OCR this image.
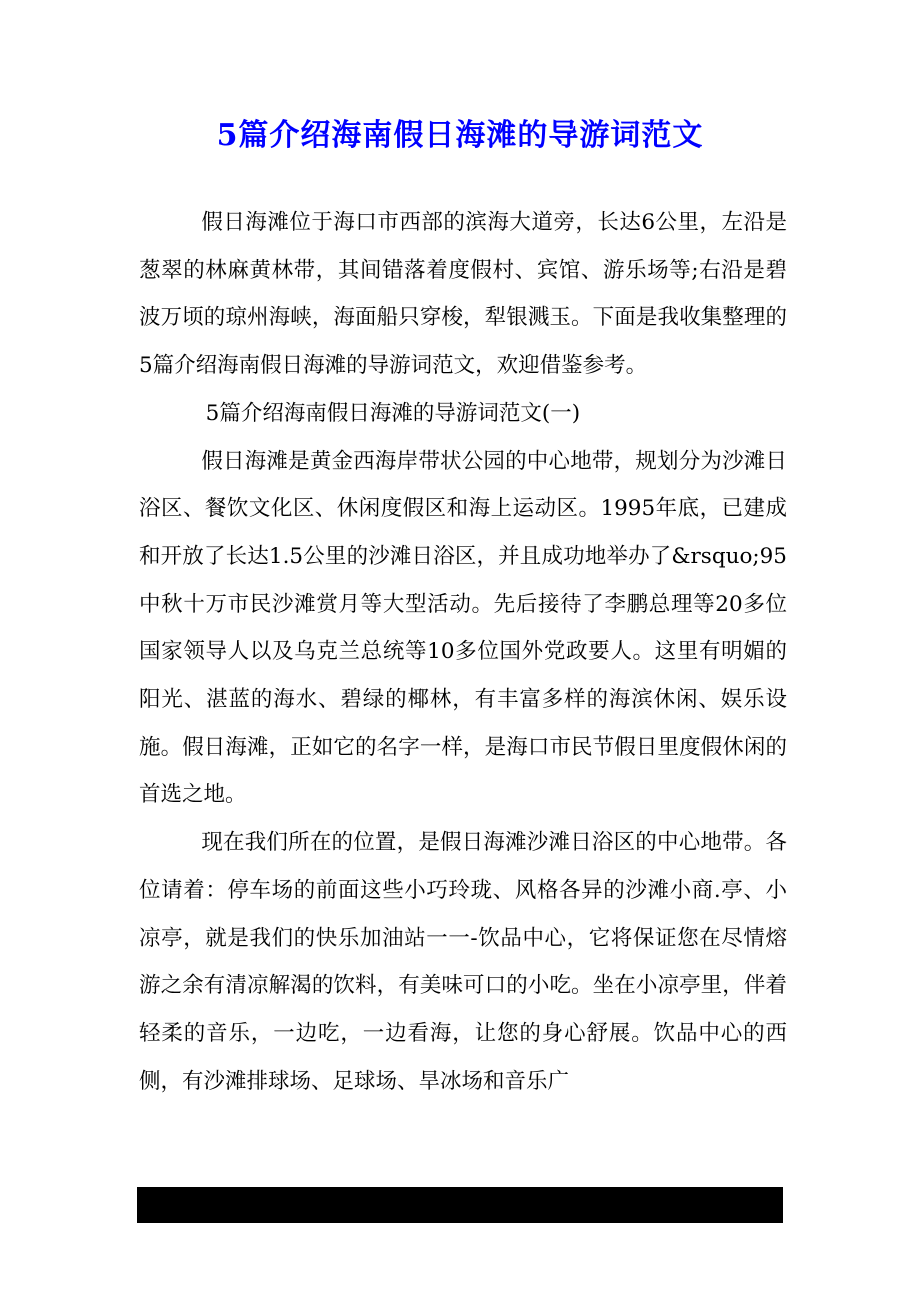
5篇介绍海南假日海滩的导游词范文

假日海滩位于海口市西部的滨海大道旁，长达6公里，左沿是葱翠的林麻黄林带，其间错落着度假村、宾馆、游乐场等;右沿是碧波万顷的琼州海峡，海面船只穿梭，犁银溅玉。下面是我收集整理的5篇介绍海南假日海滩的导游词范文，欢迎借鉴参考。

5篇介绍海南假日海滩的导游词范文(一)

假日海滩是黄金西海岸带状公园的中心地带，规划分为沙滩日浴区、餐饮文化区、休闲度假区和海上运动区。1995年底，已建成和开放了长达1.5公里的沙滩日浴区，并且成功地举办了&rsquo;95中秋十万市民沙滩赏月等大型活动。先后接待了李鹏总理等20多位国家领导人以及乌克兰总统等10多位国外党政要人。这里有明媚的阳光、湛蓝的海水、碧绿的椰林，有丰富多样的海滨休闲、娱乐设施。假日海滩，正如它的名字一样，是海口市民节假日里度假休闲的首选之地。

现在我们所在的位置，是假日海滩沙滩日浴区的中心地带。各位请着：停车场的前面这些小巧玲珑、风格各异的沙滩小商.亭、小凉亭，就是我们的快乐加油站一一-饮品中心，它将保证您在尽情熔游之余有清凉解渴的饮料，有美味可口的小吃。坐在小凉亭里，伴着轻柔的音乐，一边吃，一边看海，让您的身心舒展。饮品中心的西侧，有沙滩排球场、足球场、旱冰场和音乐广

第 1 页    /    总页数 7  页
